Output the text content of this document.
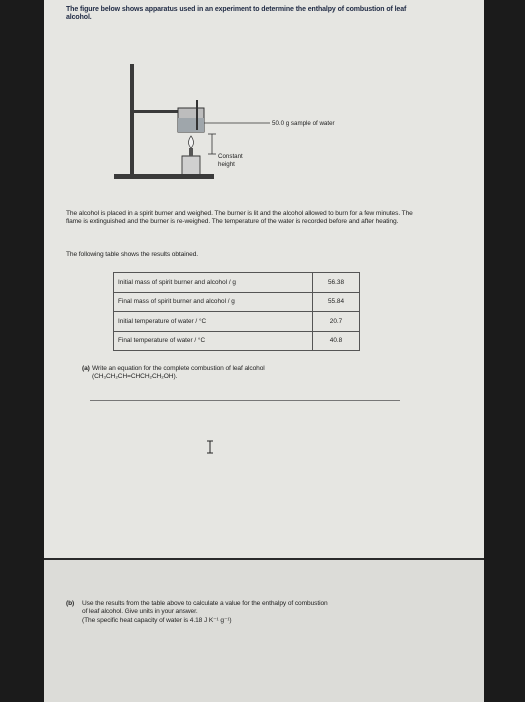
The figure below shows apparatus used in an experiment to determine the enthalpy of combustion of leaf alcohol.
50.0 g sample of water
Constant
height
The alcohol is placed in a spirit burner and weighed. The burner is lit and the alcohol allowed to burn for a few minutes. The flame is extinguished and the burner is re-weighed. The temperature of the water is recorded before and after heating.
The following table shows the results obtained.
Initial mass of spirit burner and alcohol / g	56.38
Final mass of spirit burner and alcohol / g	55.84
Initial temperature of water / °C	20.7
Final temperature of water / °C	40.8
(a) Write an equation for the complete combustion of leaf alcohol
(CH₃CH₂CH=CHCH₂CH₂OH).
(b) Use the results from the table above to calculate a value for the enthalpy of combustion
of leaf alcohol. Give units in your answer.
(The specific heat capacity of water is 4.18 J K⁻¹ g⁻¹)
